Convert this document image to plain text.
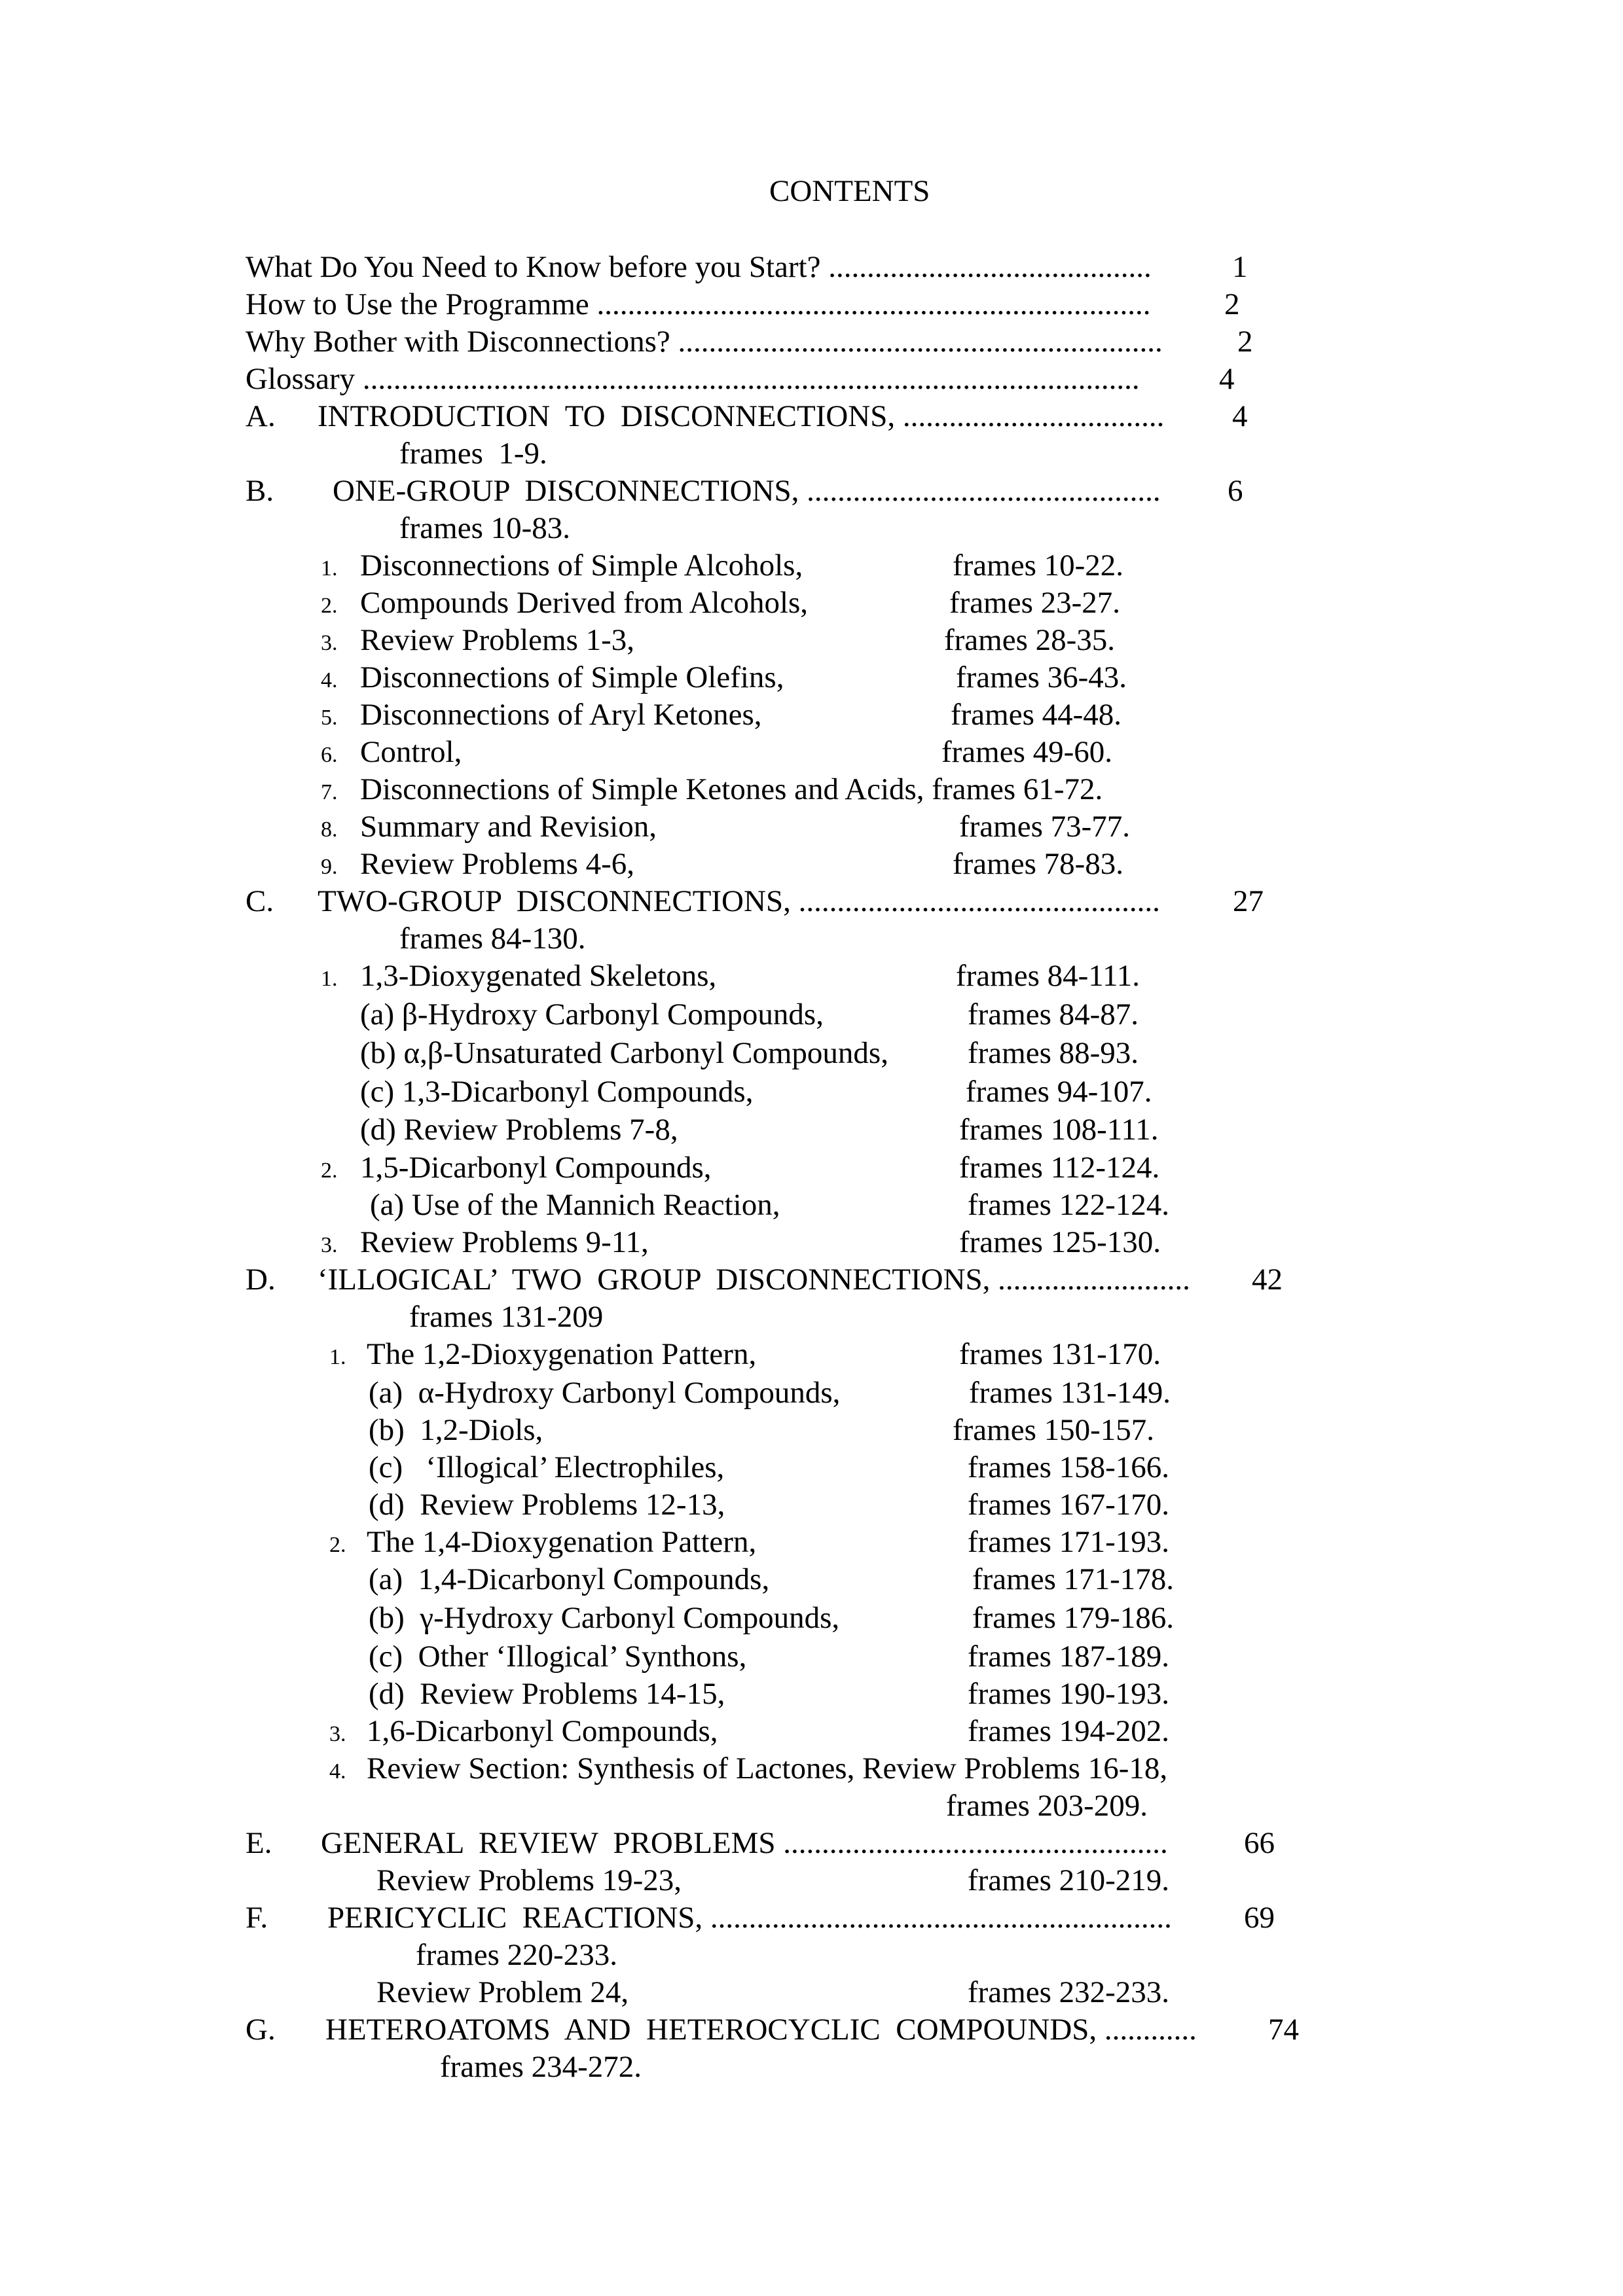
CONTENTS
What Do You Need to Know before you Start? ..........................................	1
How to Use the Programme ........................................................................ 2
Why Bother with Disconnections? ............................................................... 2
Glossary .....................................................................................................	4
A. INTRODUCTION  TO  DISCONNECTIONS, .................................. 4
frames  1-9.
B. ONE-GROUP  DISCONNECTIONS, .............................................. 6
frames 10-83.
1. Disconnections of Simple Alcohols,	frames 10-22.
2. Compounds Derived from Alcohols,	frames 23-27.
3. Review Problems 1-3,	frames 28-35.
4. Disconnections of Simple Olefins,	frames 36-43.
5. Disconnections of Aryl Ketones,	frames 44-48.
6. Control,	frames 49-60.
7. Disconnections of Simple Ketones and Acids, frames 61-72.
8. Summary and Revision,	frames 73-77.
9. Review Problems 4-6,	frames 78-83.
C. TWO-GROUP  DISCONNECTIONS, ............................................... 27
frames 84-130.
1. 1,3-Dioxygenated Skeletons,	frames 84-111.
(a) β-Hydroxy Carbonyl Compounds,	frames 84-87.
(b) α,β-Unsaturated Carbonyl Compounds,	frames 88-93.
(c) 1,3-Dicarbonyl Compounds,	frames 94-107.
(d) Review Problems 7-8,	frames 108-111.
2. 1,5-Dicarbonyl Compounds,	frames 112-124.
(a) Use of the Mannich Reaction,	frames 122-124.
3. Review Problems 9-11,	frames 125-130.
D. ‘ILLOGICAL’  TWO  GROUP  DISCONNECTIONS, ......................... 42
frames 131-209
1. The 1,2-Dioxygenation Pattern,	frames 131-170.
(a)  α-Hydroxy Carbonyl Compounds,	frames 131-149.
(b)  1,2-Diols,	frames 150-157.
(c)   ‘Illogical’ Electrophiles,	frames 158-166.
(d)  Review Problems 12-13,	frames 167-170.
2. The 1,4-Dioxygenation Pattern,	frames 171-193.
(a)  1,4-Dicarbonyl Compounds,	frames 171-178.
(b)  γ-Hydroxy Carbonyl Compounds,	frames 179-186.
(c)  Other ‘Illogical’ Synthons,	frames 187-189.
(d)  Review Problems 14-15,	frames 190-193.
3. 1,6-Dicarbonyl Compounds,	frames 194-202.
4. Review Section: Synthesis of Lactones, Review Problems 16-18,
frames 203-209.
E. GENERAL  REVIEW  PROBLEMS .................................................. 66
Review Problems 19-23,	frames 210-219.
F. PERICYCLIC  REACTIONS, ............................................................ 69
frames 220-233.
Review Problem 24,	frames 232-233.
G. HETEROATOMS  AND  HETEROCYCLIC  COMPOUNDS, ............ 74
frames 234-272.
